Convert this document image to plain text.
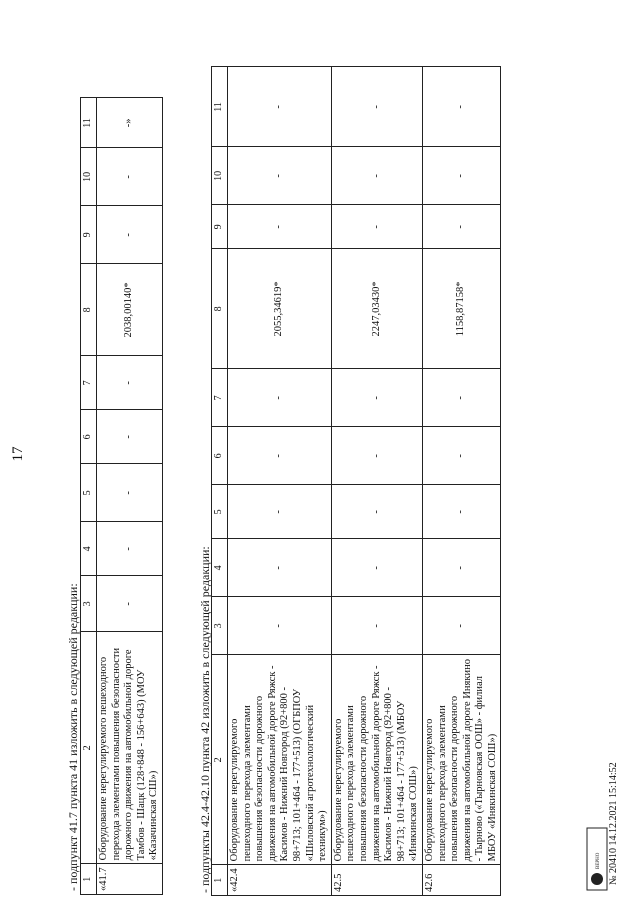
17
- подпункт 41.7 пункта 41 изложить в следующей редакции: 1	2	3	4	5	6	7	8	9	10	11
«41.7	Оборудование нерегулируемого пешеходного перехода элементами повышения безопасности дорожного движения на автомобильной дороге Тамбов - Шацк (128+848 - 156+643) (МОУ «Казачинская СШ»)	-	-	-	-	-	2038,00140*	-	-	-»
- подпункты 42.4-42.10 пункта 42 изложить в следующей редакции: 1	2	3	4	5	6	7	8	9	10	11
«42.4	Оборудование нерегулируемого пешеходного перехода элементами повышения безопасности дорожного движения на автомобильной дороге Ряжск - Касимов - Нижний Новгород (92+800 - 98+713; 101+464 - 177+513) (ОГБПОУ «Шиловский агротехнологический техникум»)	-	-	-	-	-	2055,34619*	-	-	-
42.5	Оборудование нерегулируемого пешеходного перехода элементами повышения безопасности дорожного движения на автомобильной дороге Ряжск - Касимов - Нижний Новгород (92+800 - 98+713; 101+464 - 177+513) (МБОУ «Инякинская СОШ»)	-	-	-	-	-	2247,03430*	-	-	-
42.6	Оборудование нерегулируемого пешеходного перехода элементами повышения безопасности дорожного движения на автомобильной дороге Инякино - Тырново («Тырновская ООШ» - филиал МБОУ «Инякинская СОШ»)	-	-	-	-	-	1158,87158*	-	-	-
ВЕРНО № 20410 14.12.2021 15:14:52
